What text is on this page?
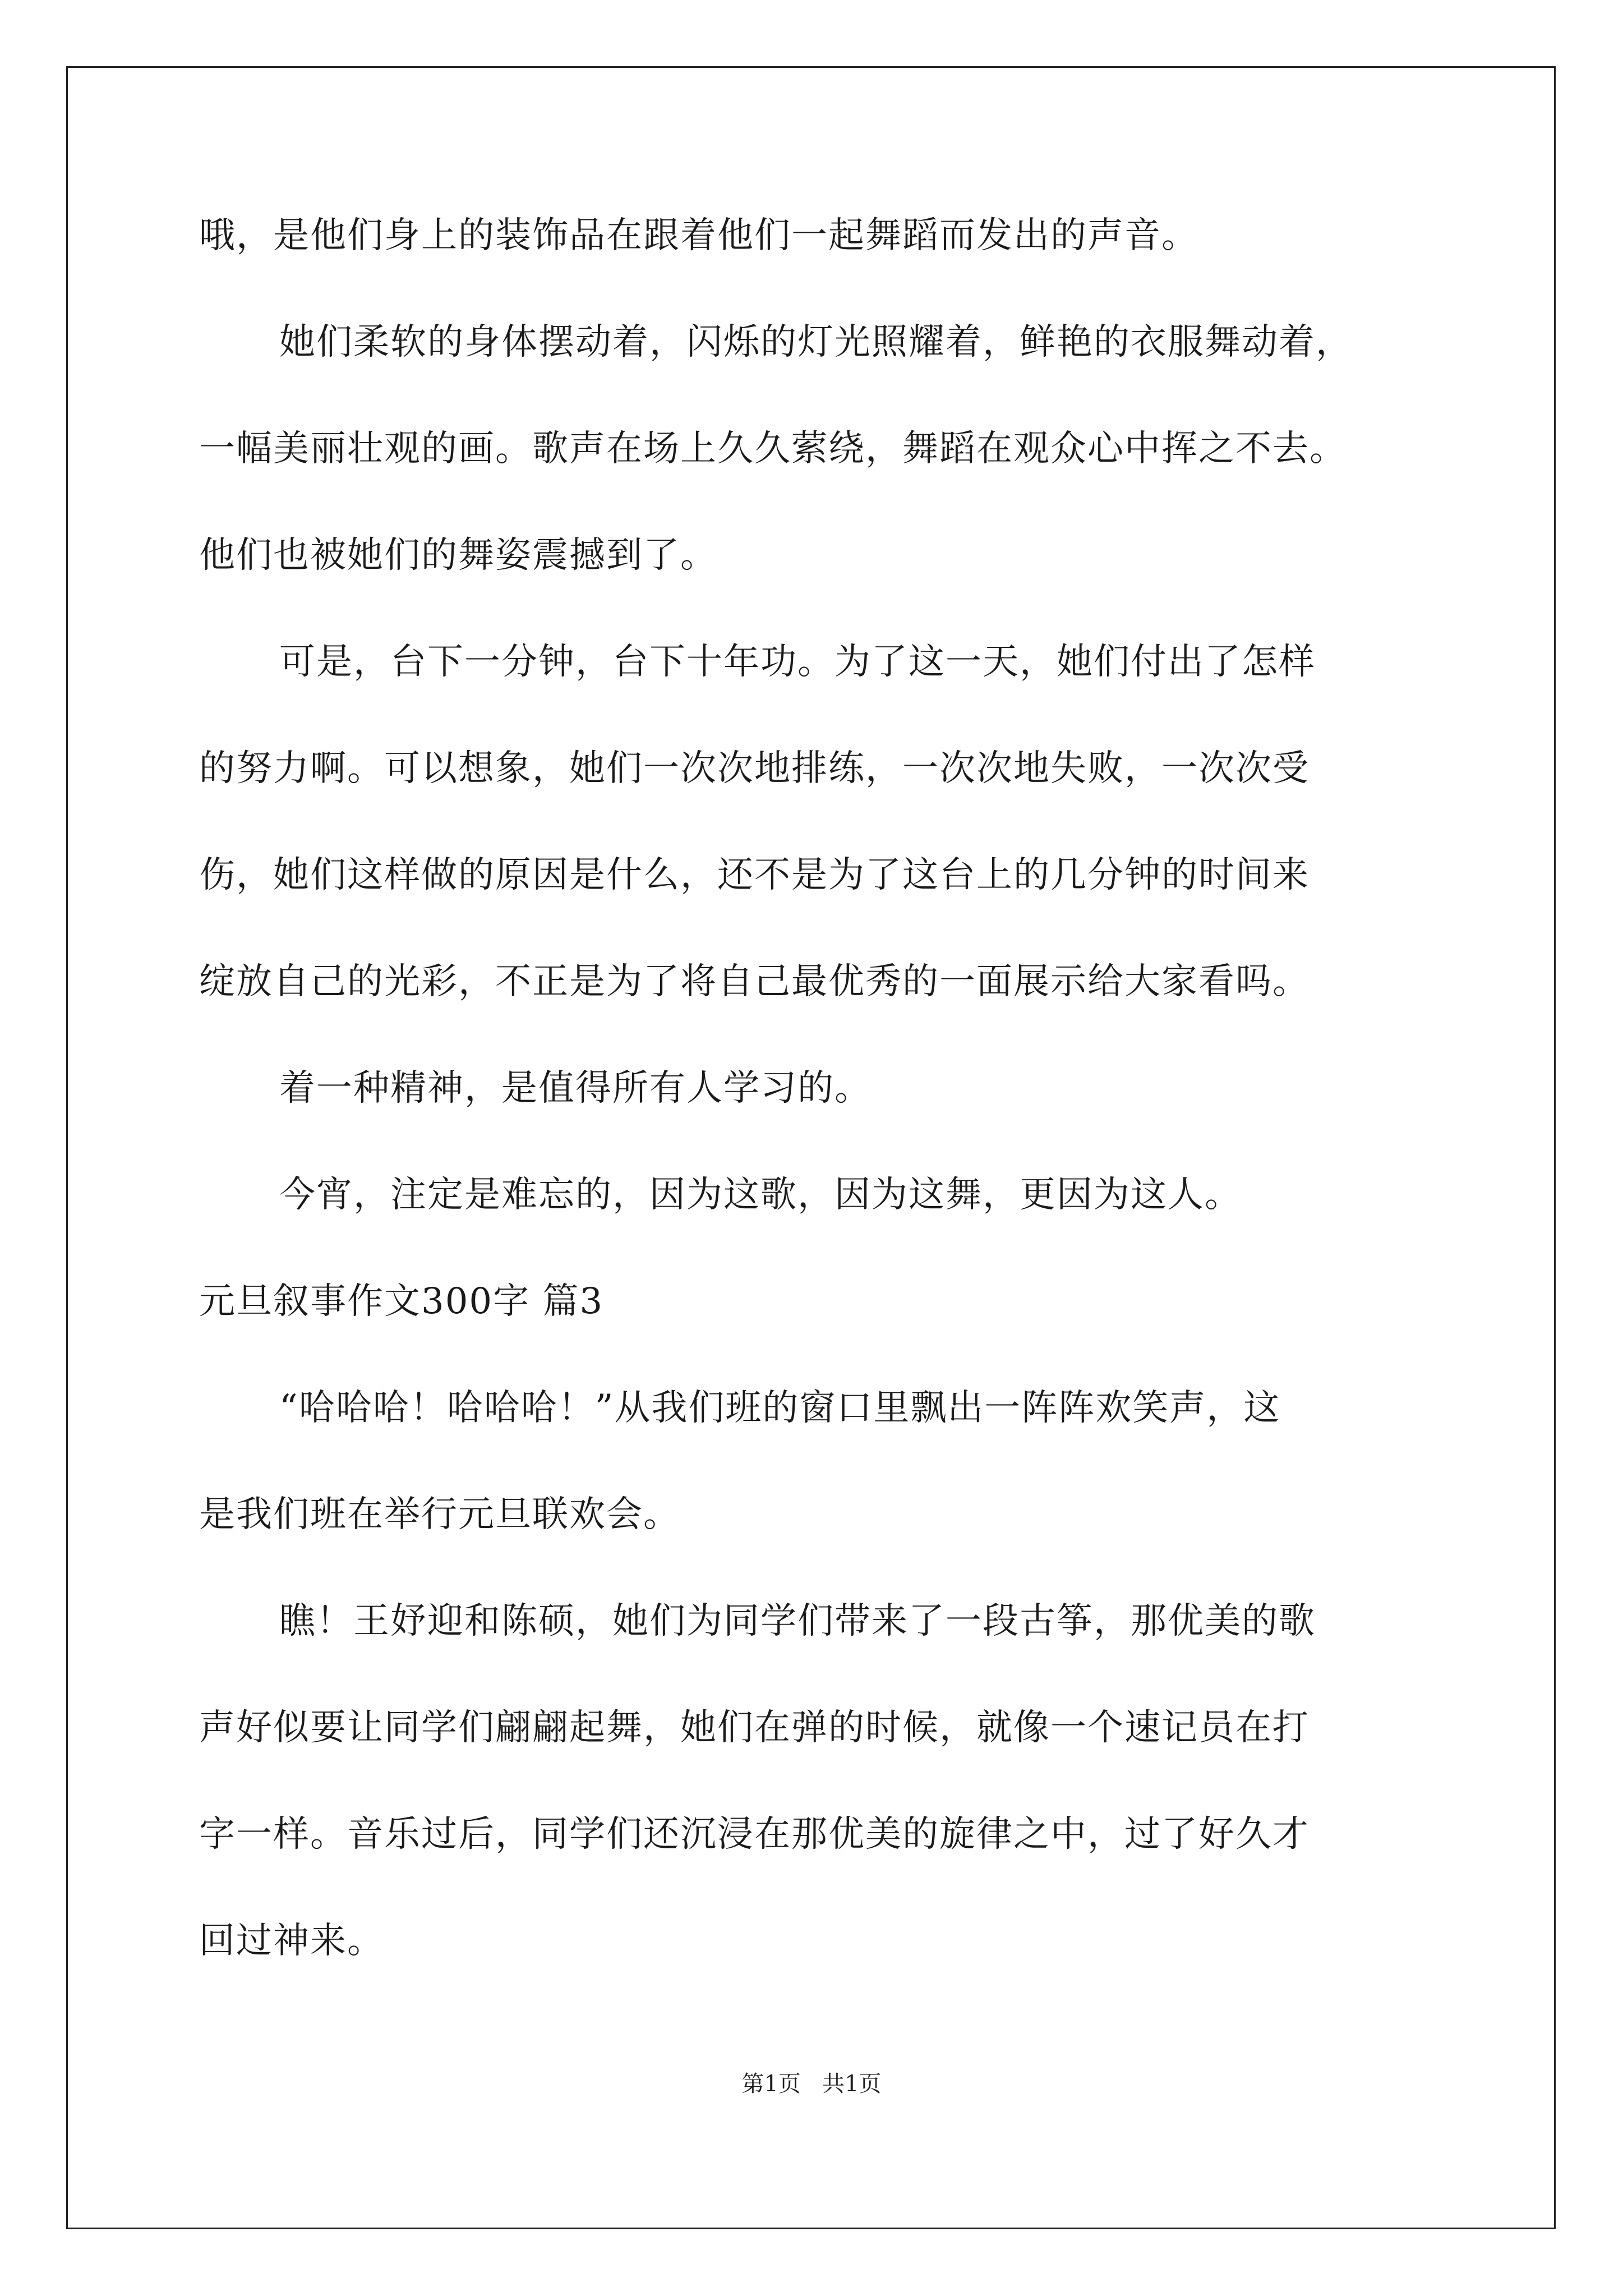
哦，是他们身上的装饰品在跟着他们一起舞蹈而发出的声音。
她们柔软的身体摆动着，闪烁的灯光照耀着，鲜艳的衣服舞动着，
一幅美丽壮观的画。歌声在场上久久萦绕，舞蹈在观众心中挥之不去。
他们也被她们的舞姿震撼到了。
可是，台下一分钟，台下十年功。为了这一天，她们付出了怎样
的努力啊。可以想象，她们一次次地排练，一次次地失败，一次次受
伤，她们这样做的原因是什么，还不是为了这台上的几分钟的时间来
绽放自己的光彩，不正是为了将自己最优秀的一面展示给大家看吗。
着一种精神，是值得所有人学习的。
今宵，注定是难忘的，因为这歌，因为这舞，更因为这人。
元旦叙事作文300字 篇3
“哈哈哈！哈哈哈！”从我们班的窗口里飘出一阵阵欢笑声，这
是我们班在举行元旦联欢会。
瞧！王妤迎和陈硕，她们为同学们带来了一段古筝，那优美的歌
声好似要让同学们翩翩起舞，她们在弹的时候，就像一个速记员在打
字一样。音乐过后，同学们还沉浸在那优美的旋律之中，过了好久才
回过神来。
第1页   共1页
